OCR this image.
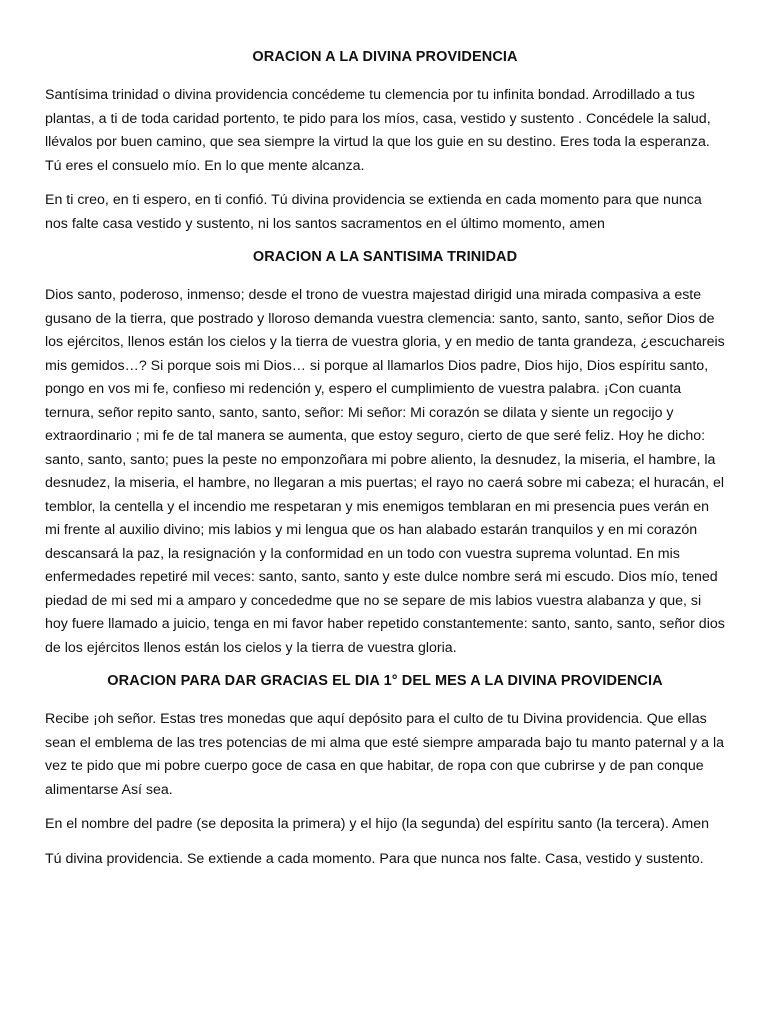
ORACION A LA DIVINA PROVIDENCIA

Santísima trinidad o divina providencia concédeme tu clemencia por tu infinita bondad. Arrodillado a tus plantas, a ti de toda caridad portento, te pido para los míos, casa, vestido y sustento . Concédele la salud, llévalos por buen camino, que sea siempre la virtud la que los guie en su destino. Eres toda la esperanza. Tú eres el consuelo mío. En lo que mente alcanza.

En ti creo, en ti espero, en ti confió. Tú divina providencia se extienda en cada momento para que nunca nos falte casa vestido y sustento, ni los santos sacramentos en el último momento, amen

ORACION A LA SANTISIMA TRINIDAD

Dios santo, poderoso, inmenso; desde el trono de vuestra majestad dirigid una mirada compasiva a este gusano de la tierra, que postrado y lloroso demanda vuestra clemencia: santo, santo, santo, señor Dios de los ejércitos, llenos están los cielos y la tierra de vuestra gloria, y en medio de tanta grandeza, ¿escuchareis mis gemidos…? Si porque sois mi Dios… si porque al llamarlos Dios padre, Dios hijo, Dios espíritu santo, pongo en vos mi fe, confieso mi redención y, espero el cumplimiento de vuestra palabra. ¡Con cuanta ternura, señor repito santo, santo, santo, señor: Mi señor: Mi corazón se dilata y siente un regocijo y extraordinario ; mi fe de tal manera se aumenta, que estoy seguro, cierto de que seré feliz. Hoy he dicho: santo, santo, santo; pues la peste no emponzoñara mi pobre aliento, la desnudez, la miseria, el hambre, la desnudez, la miseria, el hambre, no llegaran a mis puertas; el rayo no caerá sobre mi cabeza; el huracán, el temblor, la centella y el incendio me respetaran y mis enemigos temblaran en mi presencia pues verán en mi frente al auxilio divino; mis labios y mi lengua que os han alabado estarán tranquilos y en mi corazón descansará la paz, la resignación y la conformidad en un todo con vuestra suprema voluntad. En mis enfermedades repetiré mil veces: santo, santo, santo y este dulce nombre será mi escudo. Dios mío, tened piedad de mi sed mi a amparo y concededme que no se separe de mis labios vuestra alabanza y que, si hoy fuere llamado a juicio, tenga en mi favor haber repetido constantemente: santo, santo, santo, señor dios de los ejércitos llenos están los cielos y la tierra de vuestra gloria.

ORACION PARA DAR GRACIAS EL DIA 1° DEL MES A LA DIVINA PROVIDENCIA

Recibe ¡oh señor. Estas tres monedas que aquí depósito para el culto de tu Divina providencia. Que ellas sean el emblema de las tres potencias de mi alma que esté siempre amparada bajo tu manto paternal y a la vez te pido que mi pobre cuerpo goce de casa en que habitar, de ropa con que cubrirse y de pan conque alimentarse Así sea.

En el nombre del padre (se deposita la primera) y el hijo (la segunda) del espíritu santo (la tercera). Amen

Tú divina providencia. Se extiende a cada momento. Para que nunca nos falte. Casa, vestido y sustento.
